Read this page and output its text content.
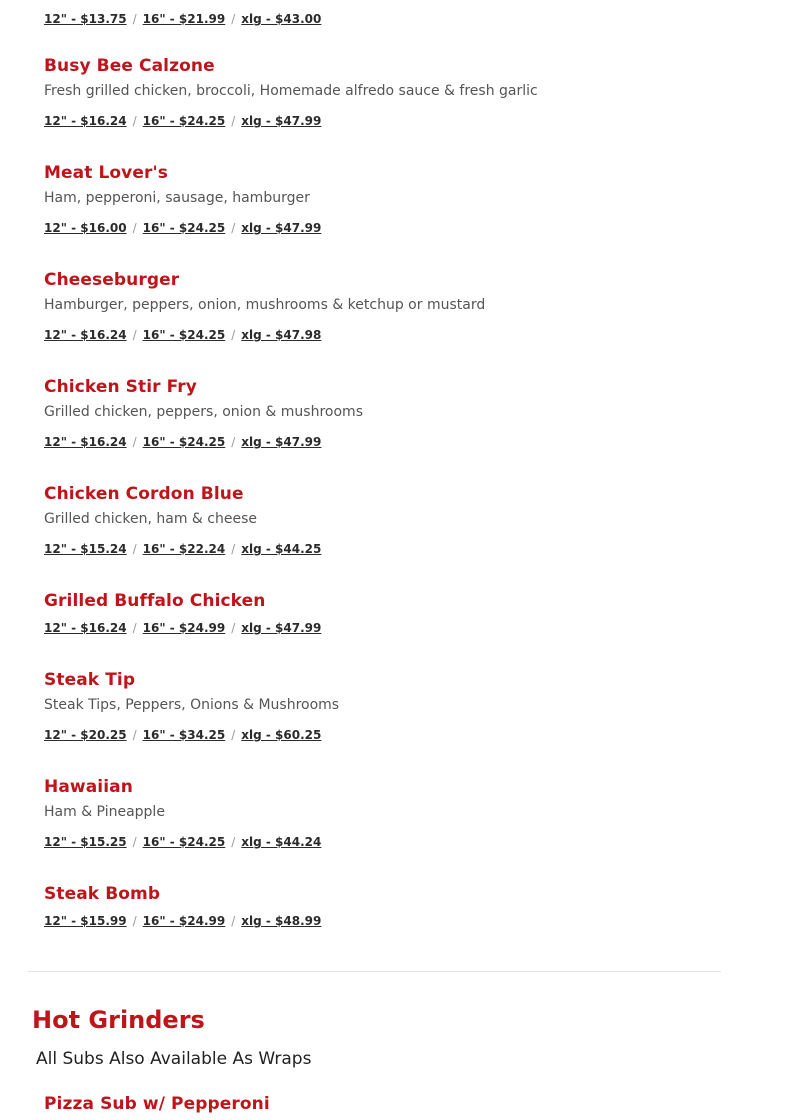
12" - $13.75 / 16" - $21.99 / xlg - $43.00
Busy Bee Calzone
Fresh grilled chicken, broccoli, Homemade alfredo sauce & fresh garlic
12" - $16.24 / 16" - $24.25 / xlg - $47.99
Meat Lover's
Ham, pepperoni, sausage, hamburger
12" - $16.00 / 16" - $24.25 / xlg - $47.99
Cheeseburger
Hamburger, peppers, onion, mushrooms & ketchup or mustard
12" - $16.24 / 16" - $24.25 / xlg - $47.98
Chicken Stir Fry
Grilled chicken, peppers, onion & mushrooms
12" - $16.24 / 16" - $24.25 / xlg - $47.99
Chicken Cordon Blue
Grilled chicken, ham & cheese
12" - $15.24 / 16" - $22.24 / xlg - $44.25
Grilled Buffalo Chicken
12" - $16.24 / 16" - $24.99 / xlg - $47.99
Steak Tip
Steak Tips, Peppers, Onions & Mushrooms
12" - $20.25 / 16" - $34.25 / xlg - $60.25
Hawaiian
Ham & Pineapple
12" - $15.25 / 16" - $24.25 / xlg - $44.24
Steak Bomb
12" - $15.99 / 16" - $24.99 / xlg - $48.99
Hot Grinders
All Subs Also Available As Wraps
Pizza Sub w/ Pepperoni
